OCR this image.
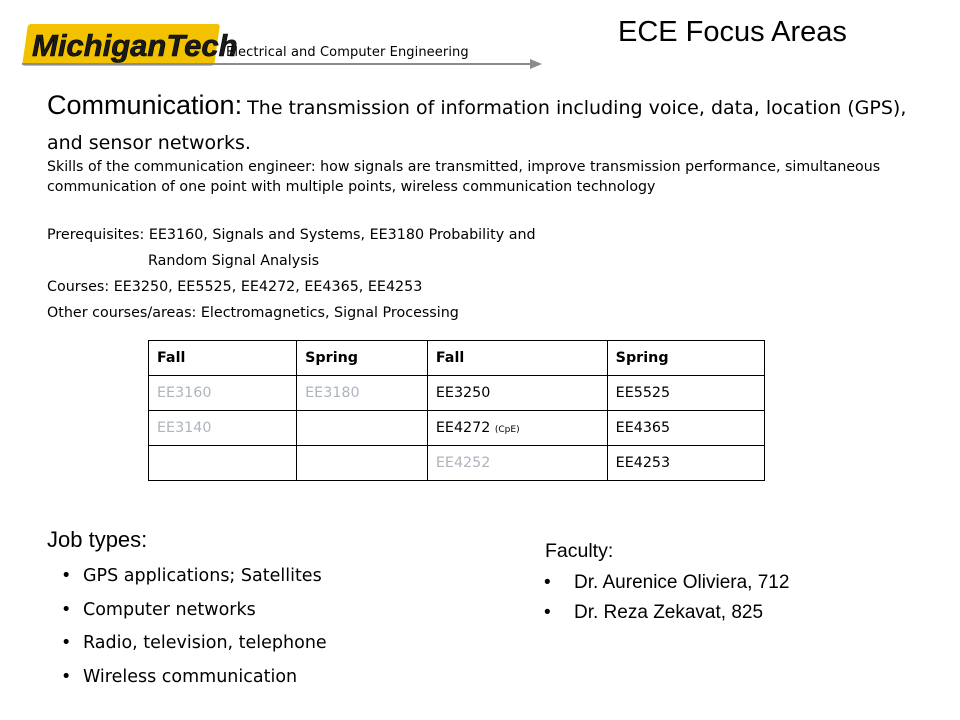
MichiganTech
Electrical and Computer Engineering
ECE Focus Areas
Communication: The transmission of information including voice, data, location (GPS), and sensor networks.
Skills of the communication engineer: how signals are transmitted, improve transmission performance, simultaneous communication of one point with multiple points, wireless communication technology
Prerequisites: EE3160, Signals and Systems, EE3180 Probability and
Random Signal Analysis
Courses: EE3250, EE5525, EE4272, EE4365, EE4253
Other courses/areas: Electromagnetics, Signal Processing
Fall	Spring	Fall	Spring
EE3160	EE3180	EE3250	EE5525
EE3140		EE4272 (CpE)	EE4365
		EE4252	EE4253
Job types:
• GPS applications; Satellites
• Computer networks
• Radio, television, telephone
• Wireless communication
Faculty:
• Dr. Aurenice Oliviera, 712
• Dr. Reza Zekavat, 825
